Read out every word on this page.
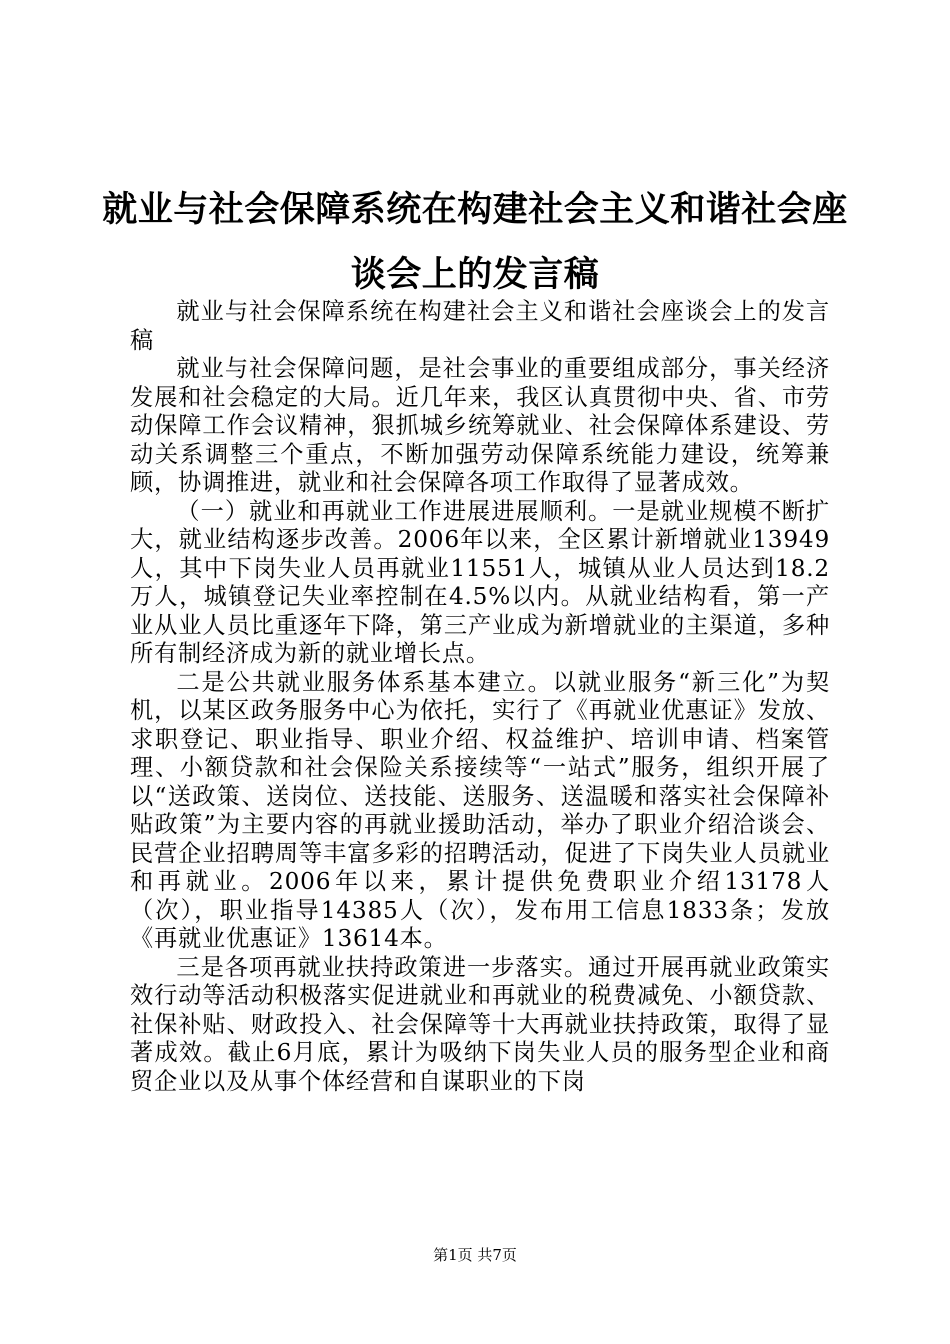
就业与社会保障系统在构建社会主义和谐社会座谈会上的发言稿

就业与社会保障系统在构建社会主义和谐社会座谈会上的发言稿

就业与社会保障问题，是社会事业的重要组成部分，事关经济发展和社会稳定的大局。近几年来，我区认真贯彻中央、省、市劳动保障工作会议精神，狠抓城乡统筹就业、社会保障体系建设、劳动关系调整三个重点，不断加强劳动保障系统能力建设，统筹兼顾，协调推进，就业和社会保障各项工作取得了显著成效。

（一）就业和再就业工作进展进展顺利。一是就业规模不断扩大，就业结构逐步改善。2006年以来，全区累计新增就业13949人，其中下岗失业人员再就业11551人，城镇从业人员达到18.2万人，城镇登记失业率控制在4.5%以内。从就业结构看，第一产业从业人员比重逐年下降，第三产业成为新增就业的主渠道，多种所有制经济成为新的就业增长点。

二是公共就业服务体系基本建立。以就业服务“新三化”为契机，以某区政务服务中心为依托，实行了《再就业优惠证》发放、求职登记、职业指导、职业介绍、权益维护、培训申请、档案管理、小额贷款和社会保险关系接续等“一站式”服务，组织开展了以“送政策、送岗位、送技能、送服务、送温暖和落实社会保障补贴政策”为主要内容的再就业援助活动，举办了职业介绍洽谈会、民营企业招聘周等丰富多彩的招聘活动，促进了下岗失业人员就业和再就业。2006年以来，累计提供免费职业介绍13178人（次），职业指导14385人（次），发布用工信息1833条；发放《再就业优惠证》13614本。

三是各项再就业扶持政策进一步落实。通过开展再就业政策实效行动等活动积极落实促进就业和再就业的税费减免、小额贷款、社保补贴、财政投入、社会保障等十大再就业扶持政策，取得了显著成效。截止6月底，累计为吸纳下岗失业人员的服务型企业和商贸企业以及从事个体经营和自谋职业的下岗

第1页 共7页
